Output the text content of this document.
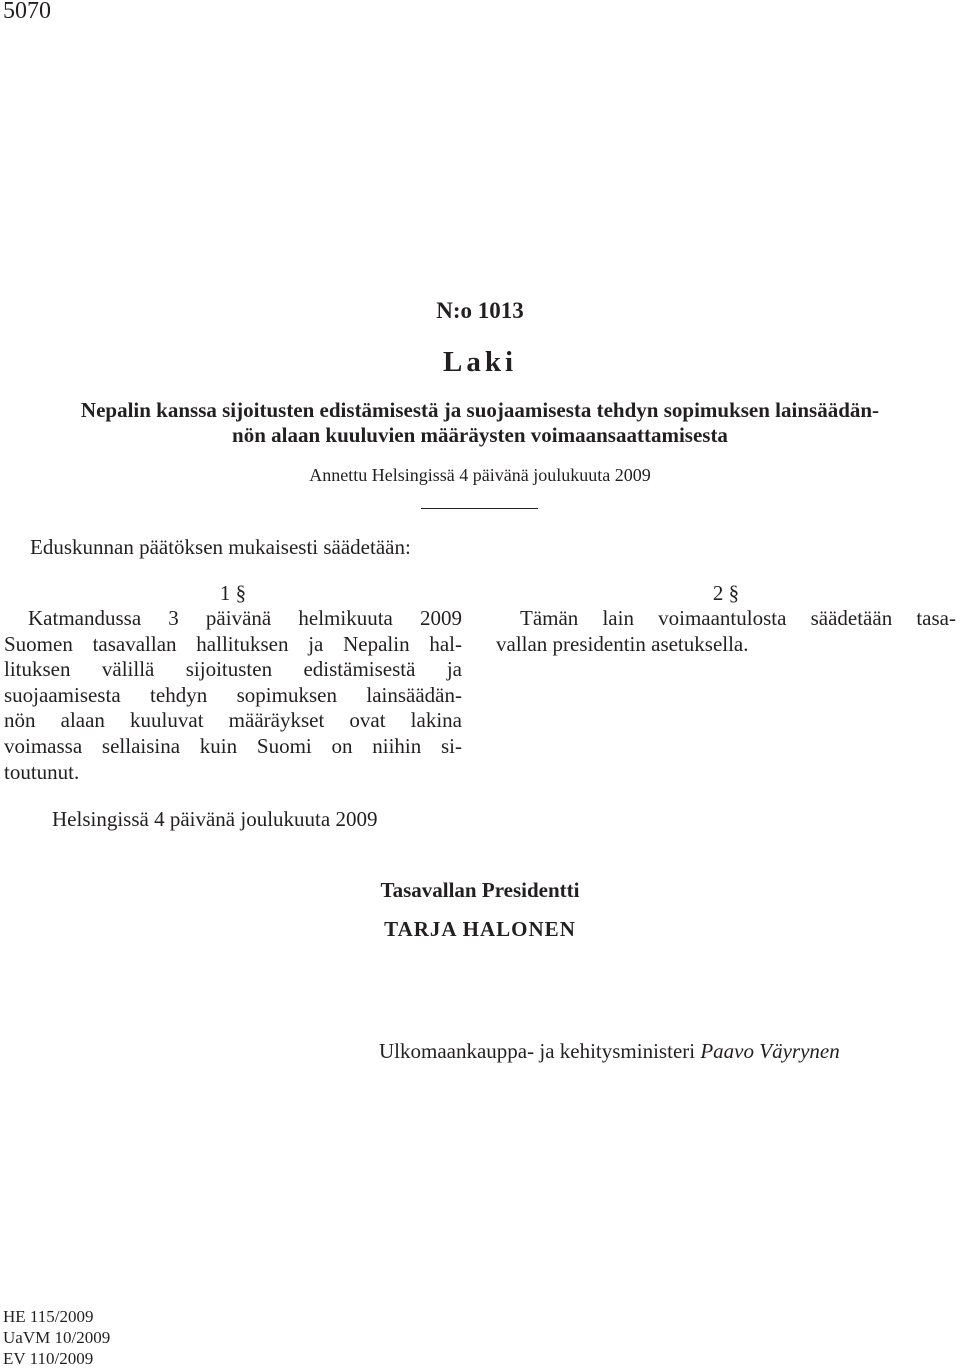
5070
N:o 1013
Laki
Nepalin kanssa sijoitusten edistämisestä ja suojaamisesta tehdyn sopimuksen lainsäädän-
nön alaan kuuluvien määräysten voimaansaattamisesta
Annettu Helsingissä 4 päivänä joulukuuta 2009
Eduskunnan päätöksen mukaisesti säädetään:
1 §
Katmandussa 3 päivänä helmikuuta 2009
Suomen tasavallan hallituksen ja Nepalin hal-
lituksen välillä sijoitusten edistämisestä ja
suojaamisesta tehdyn sopimuksen lainsäädän-
nön alaan kuuluvat määräykset ovat lakina
voimassa sellaisina kuin Suomi on niihin si-
toutunut.
2 §
Tämän lain voimaantulosta säädetään tasa-
vallan presidentin asetuksella.
Helsingissä 4 päivänä joulukuuta 2009
Tasavallan Presidentti
TARJA HALONEN
Ulkomaankauppa- ja kehitysministeri Paavo Väyrynen
HE 115/2009
UaVM 10/2009
EV 110/2009
